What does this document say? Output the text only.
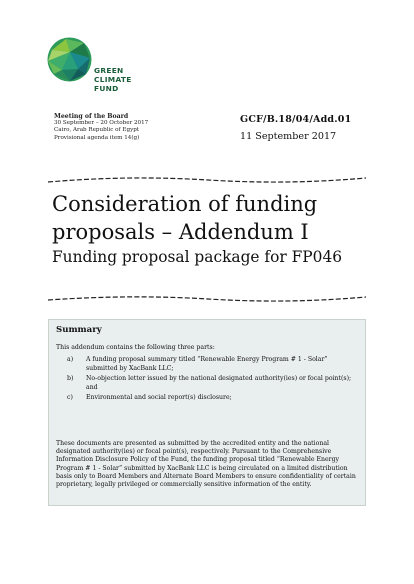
GREEN
CLIMATE
FUND
Meeting of the Board
30 September – 20 October 2017
Cairo, Arab Republic of Egypt
Provisional agenda item 14(g)
GCF/B.18/04/Add.01
11 September 2017
Consideration of funding
proposals – Addendum I
Funding proposal package for FP046
Summary
This addendum contains the following three parts:
a) A funding proposal summary titled “Renewable Energy Program # 1 - Solar” submitted by XacBank LLC;
b) No-objection letter issued by the national designated authority(ies) or focal point(s); and
c) Environmental and social report(s) disclosure;
These documents are presented as submitted by the accredited entity and the national designated authority(ies) or focal point(s), respectively. Pursuant to the Comprehensive Information Disclosure Policy of the Fund, the funding proposal titled “Renewable Energy Program # 1 - Solar” submitted by XacBank LLC is being circulated on a limited distribution basis only to Board Members and Alternate Board Members to ensure confidentiality of certain proprietary, legally privileged or commercially sensitive information of the entity.
